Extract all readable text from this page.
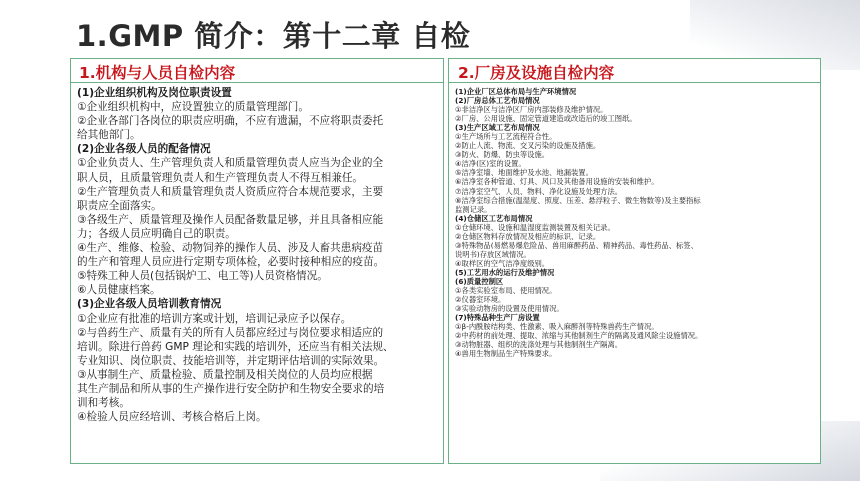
1.GMP 简介：第十二章 自检
1.机构与人员自检内容
(1)企业组织机构及岗位职责设置
①企业组织机构中，应设置独立的质量管理部门。
②企业各部门各岗位的职责应明确，不应有遗漏，不应将职责委托
给其他部门。
(2)企业各级人员的配备情况
①企业负责人、生产管理负责人和质量管理负责人应当为企业的全
职人员，且质量管理负责人和生产管理负责人不得互相兼任。
②生产管理负责人和质量管理负责人资质应符合本规范要求，主要
职责应全面落实。
③各级生产、质量管理及操作人员配备数量足够，并且具备相应能
力；各级人员应明确自己的职责。
④生产、维修、检验、动物饲养的操作人员、涉及人畜共患病疫苗
的生产和管理人员应进行定期专项体检，必要时接种相应的疫苗。
⑤特殊工种人员(包括锅炉工、电工等)人员资格情况。
⑥人员健康档案。
(3)企业各级人员培训教育情况
①企业应有批准的培训方案或计划，培训记录应予以保存。
②与兽药生产、质量有关的所有人员都应经过与岗位要求相适应的
培训。除进行兽药 GMP 理论和实践的培训外，还应当有相关法规、
专业知识、岗位职责、技能培训等，并定期评估培训的实际效果。
③从事制生产、质量检验、质量控制及相关岗位的人员均应根据
其生产制品和所从事的生产操作进行安全防护和生物安全要求的培
训和考核。
④检验人员应经培训、考核合格后上岗。
2.厂房及设施自检内容
(1)企业厂区总体布局与生产环境情况
(2)厂房总体工艺布局情况
①非洁净区与洁净区厂房内部装修及维护情况。
②厂房、公用设施、固定管道建造或改造后的竣工图纸。
(3)生产区域工艺布局情况
①生产场所与工艺流程符合性。
②防止人流、物流、交叉污染的设施及措施。
③防火、防爆、防虫等设施。
④洁净(区)室的设置。
⑤洁净室墙、地面维护及水池、地漏装置。
⑥洁净室各种管道、灯具、风口及其他备用设施的安装和维护。
⑦洁净室空气、人员、物料、净化设施及处理方法。
⑧洁净室综合措施(温湿度、照度、压差、悬浮粒子、微生物数等)及主要指标
监测记录。
(4)仓储区工艺布局情况
①仓储环境、设施和温湿度监测装置及相关记录。
②仓储区物料存放情况及相应的标识、记录。
③特殊物品(易燃易爆危险品、兽用麻醉药品、精神药品、毒性药品、标签、
说明书)存放区域情况。
④取样区的空气洁净度级别。
(5)工艺用水的运行及维护情况
(6)质量控制区
①各类实验室布局、使用情况。
②仪器室环境。
③实验动物房的设置及使用情况。
(7)特殊品种生产厂房设置
①β-内酰胺结构类、性激素、吸入麻醉剂等特殊兽药生产情况。
②中药材的前处理、提取、浓缩与其他制剂生产的隔离及通风除尘设施情况。
③动物脏器、组织的洗涤处理与其他制剂生产隔离。
④兽用生物制品生产特殊要求。
